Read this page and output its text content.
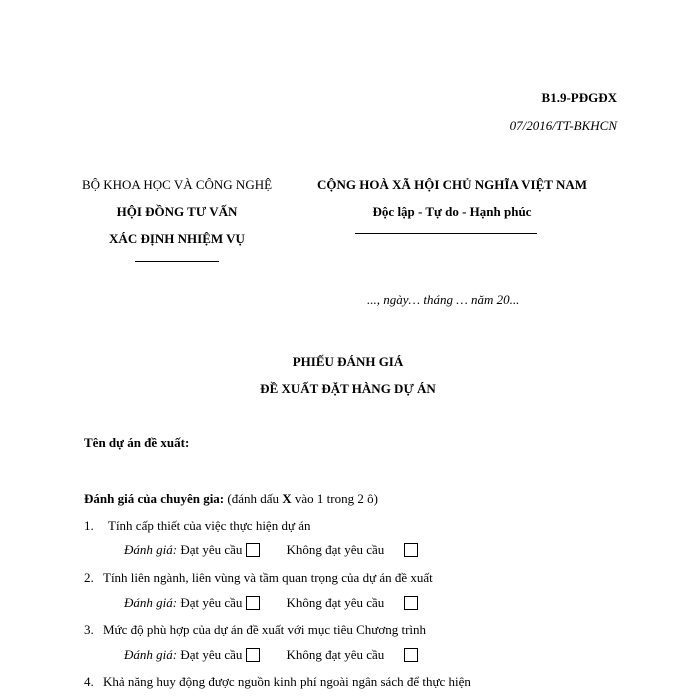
B1.9-PĐGĐX
07/2016/TT-BKHCN
BỘ KHOA HỌC VÀ CÔNG NGHỆ
HỘI ĐỒNG TƯ VẤN
XÁC ĐỊNH NHIỆM VỤ
CỘNG HOÀ XÃ HỘI CHỦ NGHĨA VIỆT NAM
Độc lập - Tự do - Hạnh phúc
..., ngày… tháng … năm 20...
PHIẾU ĐÁNH GIÁ
ĐỀ XUẤT ĐẶT HÀNG DỰ ÁN
Tên dự án đề xuất:
Đánh giá của chuyên gia: (đánh dấu X vào 1 trong 2 ô)
1. Tính cấp thiết của việc thực hiện dự án
Đánh giá: Đạt yêu cầu	Không đạt yêu cầu
2. Tính liên ngành, liên vùng và tầm quan trọng của dự án đề xuất
Đánh giá: Đạt yêu cầu	Không đạt yêu cầu
3. Mức độ phù hợp của dự án đề xuất với mục tiêu Chương trình
Đánh giá: Đạt yêu cầu	Không đạt yêu cầu
4. Khả năng huy động được nguồn kinh phí ngoài ngân sách để thực hiện
